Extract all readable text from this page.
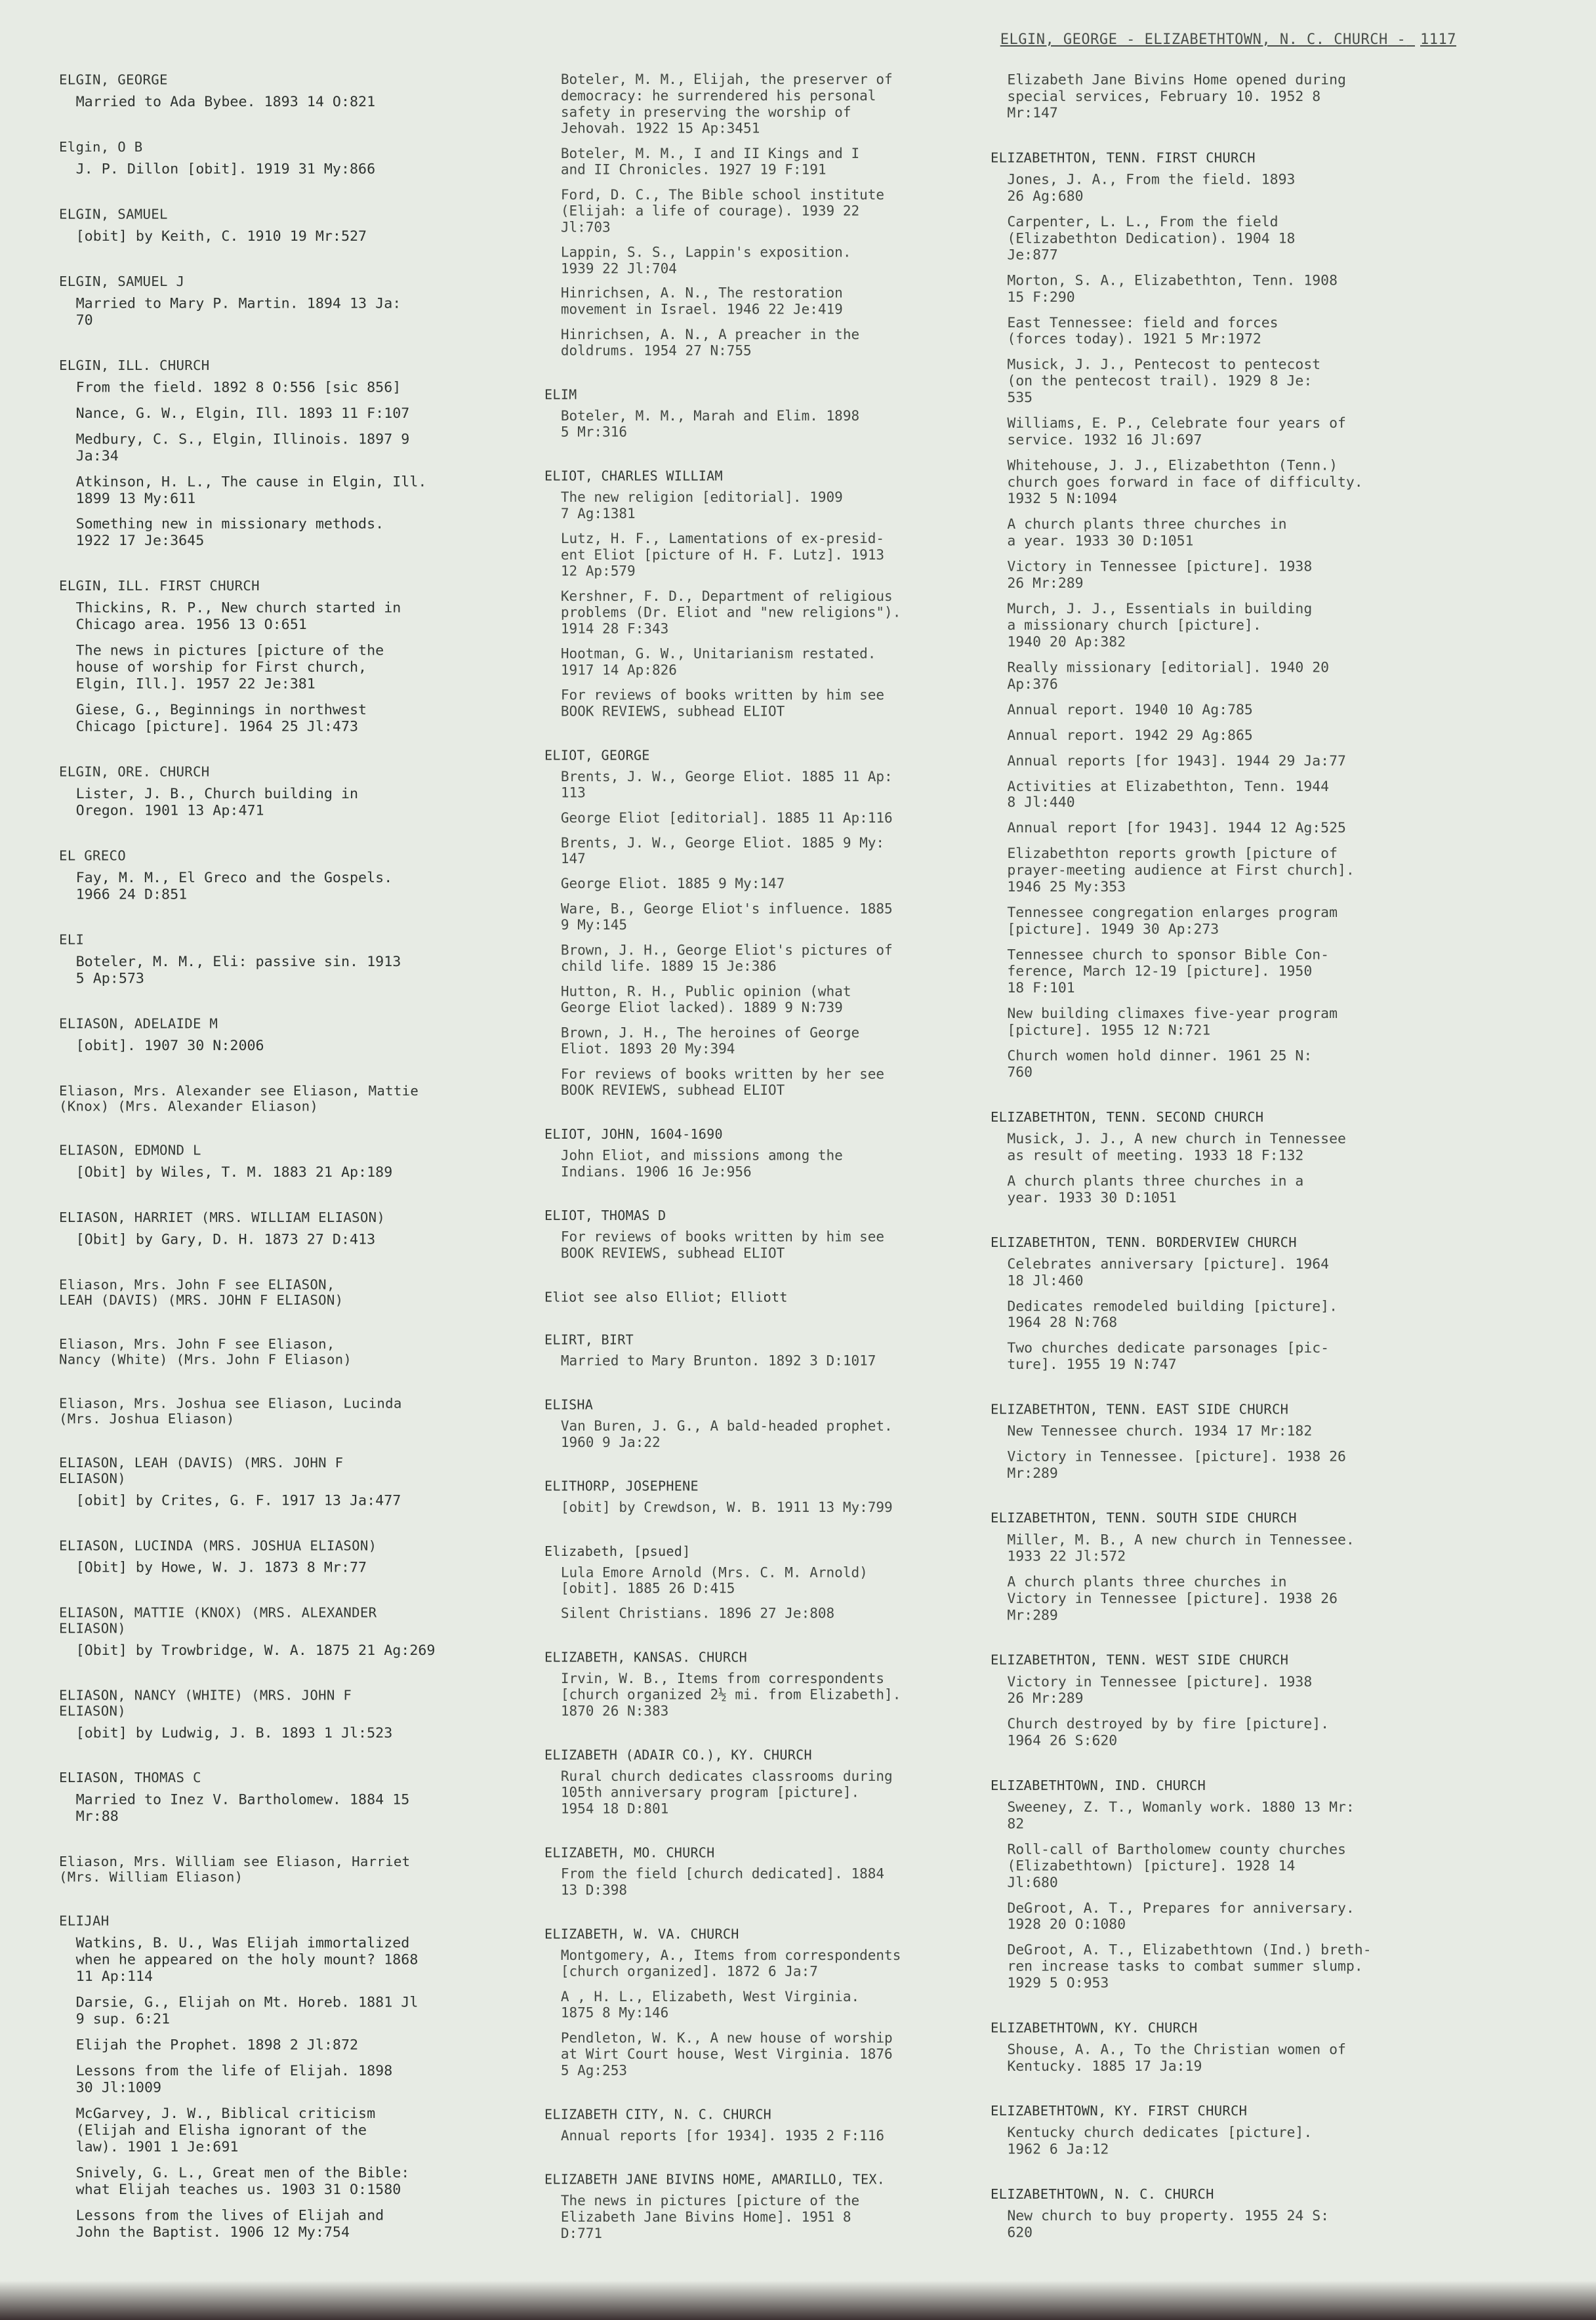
ELGIN, GEORGE - ELIZABETHTOWN, N. C. CHURCH - 1117
ELGIN, GEORGE
Married to Ada Bybee. 1893 14 O:821
Elgin, O B
J. P. Dillon [obit]. 1919 31 My:866
ELGIN, SAMUEL
[obit] by Keith, C. 1910 19 Mr:527
ELGIN, SAMUEL J
Married to Mary P. Martin. 1894 13 Ja:
70
ELGIN, ILL. CHURCH
From the field. 1892 8 O:556 [sic 856]
Nance, G. W., Elgin, Ill. 1893 11 F:107
Medbury, C. S., Elgin, Illinois. 1897 9
Ja:34
Atkinson, H. L., The cause in Elgin, Ill.
1899 13 My:611
Something new in missionary methods.
1922 17 Je:3645
ELGIN, ILL. FIRST CHURCH
Thickins, R. P., New church started in
Chicago area. 1956 13 O:651
The news in pictures [picture of the
house of worship for First church,
Elgin, Ill.]. 1957 22 Je:381
Giese, G., Beginnings in northwest
Chicago [picture]. 1964 25 Jl:473
ELGIN, ORE. CHURCH
Lister, J. B., Church building in
Oregon. 1901 13 Ap:471
EL GRECO
Fay, M. M., El Greco and the Gospels.
1966 24 D:851
ELI
Boteler, M. M., Eli: passive sin. 1913
5 Ap:573
ELIASON, ADELAIDE M
[obit]. 1907 30 N:2006
Eliason, Mrs. Alexander see Eliason, Mattie
(Knox) (Mrs. Alexander Eliason)
ELIASON, EDMOND L
[Obit] by Wiles, T. M. 1883 21 Ap:189
ELIASON, HARRIET (MRS. WILLIAM ELIASON)
[Obit] by Gary, D. H. 1873 27 D:413
Eliason, Mrs. John F see ELIASON,
LEAH (DAVIS) (MRS. JOHN F ELIASON)
Eliason, Mrs. John F see Eliason,
Nancy (White) (Mrs. John F Eliason)
Eliason, Mrs. Joshua see Eliason, Lucinda
(Mrs. Joshua Eliason)
ELIASON, LEAH (DAVIS) (MRS. JOHN F
ELIASON)
[obit] by Crites, G. F. 1917 13 Ja:477
ELIASON, LUCINDA (MRS. JOSHUA ELIASON)
[Obit] by Howe, W. J. 1873 8 Mr:77
ELIASON, MATTIE (KNOX) (MRS. ALEXANDER
ELIASON)
[Obit] by Trowbridge, W. A. 1875 21 Ag:269
ELIASON, NANCY (WHITE) (MRS. JOHN F
ELIASON)
[obit] by Ludwig, J. B. 1893 1 Jl:523
ELIASON, THOMAS C
Married to Inez V. Bartholomew. 1884 15
Mr:88
Eliason, Mrs. William see Eliason, Harriet
(Mrs. William Eliason)
ELIJAH
Watkins, B. U., Was Elijah immortalized
when he appeared on the holy mount? 1868
11 Ap:114
Darsie, G., Elijah on Mt. Horeb. 1881 Jl
9 sup. 6:21
Elijah the Prophet. 1898 2 Jl:872
Lessons from the life of Elijah. 1898
30 Jl:1009
McGarvey, J. W., Biblical criticism
(Elijah and Elisha ignorant of the
law). 1901 1 Je:691
Snively, G. L., Great men of the Bible:
what Elijah teaches us. 1903 31 O:1580
Lessons from the lives of Elijah and
John the Baptist. 1906 12 My:754
Boteler, M. M., Elijah, the preserver of
democracy: he surrendered his personal
safety in preserving the worship of
Jehovah. 1922 15 Ap:3451
Boteler, M. M., I and II Kings and I
and II Chronicles. 1927 19 F:191
Ford, D. C., The Bible school institute
(Elijah: a life of courage). 1939 22
Jl:703
Lappin, S. S., Lappin's exposition.
1939 22 Jl:704
Hinrichsen, A. N., The restoration
movement in Israel. 1946 22 Je:419
Hinrichsen, A. N., A preacher in the
doldrums. 1954 27 N:755
ELIM
Boteler, M. M., Marah and Elim. 1898
5 Mr:316
ELIOT, CHARLES WILLIAM
The new religion [editorial]. 1909
7 Ag:1381
Lutz, H. F., Lamentations of ex-presid-
ent Eliot [picture of H. F. Lutz]. 1913
12 Ap:579
Kershner, F. D., Department of religious
problems (Dr. Eliot and "new religions").
1914 28 F:343
Hootman, G. W., Unitarianism restated.
1917 14 Ap:826
For reviews of books written by him see
BOOK REVIEWS, subhead ELIOT
ELIOT, GEORGE
Brents, J. W., George Eliot. 1885 11 Ap:
113
George Eliot [editorial]. 1885 11 Ap:116
Brents, J. W., George Eliot. 1885 9 My:
147
George Eliot. 1885 9 My:147
Ware, B., George Eliot's influence. 1885
9 My:145
Brown, J. H., George Eliot's pictures of
child life. 1889 15 Je:386
Hutton, R. H., Public opinion (what
George Eliot lacked). 1889 9 N:739
Brown, J. H., The heroines of George
Eliot. 1893 20 My:394
For reviews of books written by her see
BOOK REVIEWS, subhead ELIOT
ELIOT, JOHN, 1604-1690
John Eliot, and missions among the
Indians. 1906 16 Je:956
ELIOT, THOMAS D
For reviews of books written by him see
BOOK REVIEWS, subhead ELIOT
Eliot see also Elliot; Elliott
ELIRT, BIRT
Married to Mary Brunton. 1892 3 D:1017
ELISHA
Van Buren, J. G., A bald-headed prophet.
1960 9 Ja:22
ELITHORP, JOSEPHENE
[obit] by Crewdson, W. B. 1911 13 My:799
Elizabeth, [psued]
Lula Emore Arnold (Mrs. C. M. Arnold)
[obit]. 1885 26 D:415
Silent Christians. 1896 27 Je:808
ELIZABETH, KANSAS. CHURCH
Irvin, W. B., Items from correspondents
[church organized 2½ mi. from Elizabeth].
1870 26 N:383
ELIZABETH (ADAIR CO.), KY. CHURCH
Rural church dedicates classrooms during
105th anniversary program [picture].
1954 18 D:801
ELIZABETH, MO. CHURCH
From the field [church dedicated]. 1884
13 D:398
ELIZABETH, W. VA. CHURCH
Montgomery, A., Items from correspondents
[church organized]. 1872 6 Ja:7
A , H. L., Elizabeth, West Virginia.
1875 8 My:146
Pendleton, W. K., A new house of worship
at Wirt Court house, West Virginia. 1876
5 Ag:253
ELIZABETH CITY, N. C. CHURCH
Annual reports [for 1934]. 1935 2 F:116
ELIZABETH JANE BIVINS HOME, AMARILLO, TEX.
The news in pictures [picture of the
Elizabeth Jane Bivins Home]. 1951 8
D:771
Elizabeth Jane Bivins Home opened during
special services, February 10. 1952 8
Mr:147
ELIZABETHTON, TENN. FIRST CHURCH
Jones, J. A., From the field. 1893
26 Ag:680
Carpenter, L. L., From the field
(Elizabethton Dedication). 1904 18
Je:877
Morton, S. A., Elizabethton, Tenn. 1908
15 F:290
East Tennessee: field and forces
(forces today). 1921 5 Mr:1972
Musick, J. J., Pentecost to pentecost
(on the pentecost trail). 1929 8 Je:
535
Williams, E. P., Celebrate four years of
service. 1932 16 Jl:697
Whitehouse, J. J., Elizabethton (Tenn.)
church goes forward in face of difficulty.
1932 5 N:1094
A church plants three churches in
a year. 1933 30 D:1051
Victory in Tennessee [picture]. 1938
26 Mr:289
Murch, J. J., Essentials in building
a missionary church [picture].
1940 20 Ap:382
Really missionary [editorial]. 1940 20
Ap:376
Annual report. 1940 10 Ag:785
Annual report. 1942 29 Ag:865
Annual reports [for 1943]. 1944 29 Ja:77
Activities at Elizabethton, Tenn. 1944
8 Jl:440
Annual report [for 1943]. 1944 12 Ag:525
Elizabethton reports growth [picture of
prayer-meeting audience at First church].
1946 25 My:353
Tennessee congregation enlarges program
[picture]. 1949 30 Ap:273
Tennessee church to sponsor Bible Con-
ference, March 12-19 [picture]. 1950
18 F:101
New building climaxes five-year program
[picture]. 1955 12 N:721
Church women hold dinner. 1961 25 N:
760
ELIZABETHTON, TENN. SECOND CHURCH
Musick, J. J., A new church in Tennessee
as result of meeting. 1933 18 F:132
A church plants three churches in a
year. 1933 30 D:1051
ELIZABETHTON, TENN. BORDERVIEW CHURCH
Celebrates anniversary [picture]. 1964
18 Jl:460
Dedicates remodeled building [picture].
1964 28 N:768
Two churches dedicate parsonages [pic-
ture]. 1955 19 N:747
ELIZABETHTON, TENN. EAST SIDE CHURCH
New Tennessee church. 1934 17 Mr:182
Victory in Tennessee. [picture]. 1938 26
Mr:289
ELIZABETHTON, TENN. SOUTH SIDE CHURCH
Miller, M. B., A new church in Tennessee.
1933 22 Jl:572
A church plants three churches in
Victory in Tennessee [picture]. 1938 26
Mr:289
ELIZABETHTON, TENN. WEST SIDE CHURCH
Victory in Tennessee [picture]. 1938
26 Mr:289
Church destroyed by by fire [picture].
1964 26 S:620
ELIZABETHTOWN, IND. CHURCH
Sweeney, Z. T., Womanly work. 1880 13 Mr:
82
Roll-call of Bartholomew county churches
(Elizabethtown) [picture]. 1928 14
Jl:680
DeGroot, A. T., Prepares for anniversary.
1928 20 O:1080
DeGroot, A. T., Elizabethtown (Ind.) breth-
ren increase tasks to combat summer slump.
1929 5 O:953
ELIZABETHTOWN, KY. CHURCH
Shouse, A. A., To the Christian women of
Kentucky. 1885 17 Ja:19
ELIZABETHTOWN, KY. FIRST CHURCH
Kentucky church dedicates [picture].
1962 6 Ja:12
ELIZABETHTOWN, N. C. CHURCH
New church to buy property. 1955 24 S:
620
